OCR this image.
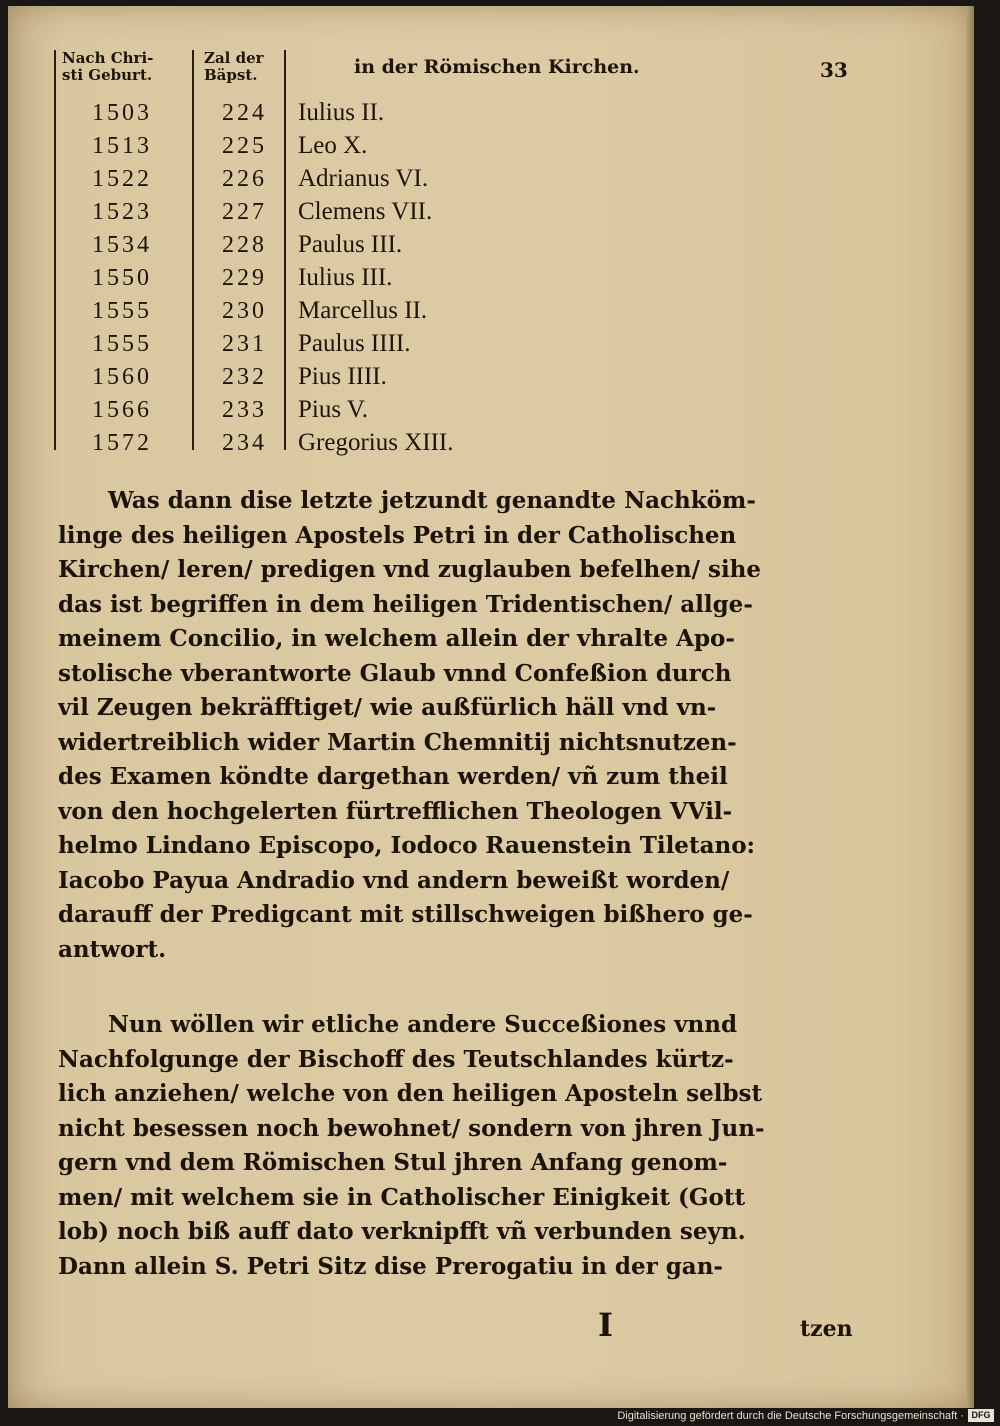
Nach Chri-
sti Geburt.
Zal der
Bäpst.	in der Römischen Kirchen.	33
1503	224 Iulius II.
1513	225 Leo X.
1522	226 Adrianus VI.
1523	227 Clemens VII.
1534	228 Paulus III.
1550	229 Iulius III.
1555	230 Marcellus II.
1555	231 Paulus IIII.
1560	232 Pius IIII.
1566	233 Pius V.
1572	234 Gregorius XIII.
Was dann dise letzte jetzundt genandte Nachköm-
linge des heiligen Apostels Petri in der Catholischen
Kirchen/ leren/ predigen vnd zuglauben befelhen/ sihe
das ist begriffen in dem heiligen Tridentischen/ allge-
meinem Concilio, in welchem allein der vhralte Apo-
stolische vberantworte Glaub vnnd Confeßion durch
vil Zeugen bekräfftiget/ wie außfürlich häll vnd vn-
widertreiblich wider Martin Chemnitij nichtsnutzen-
des Examen köndte dargethan werden/ vñ zum theil
von den hochgelerten fürtrefflichen Theologen VVil-
helmo Lindano Episcopo, Iodoco Rauenstein Tiletano:
Iacobo Payua Andradio vnd andern beweißt worden/
darauff der Predigcant mit stillschweigen bißhero ge-
antwort.
Nun wöllen wir etliche andere Succeßiones vnnd
Nachfolgunge der Bischoff des Teutschlandes kürtz-
lich anziehen/ welche von den heiligen Aposteln selbst
nicht besessen noch bewohnet/ sondern von jhren Jun-
gern vnd dem Römischen Stul jhren Anfang genom-
men/ mit welchem sie in Catholischer Einigkeit (Gott
lob) noch biß auff dato verknipfft vñ verbunden seyn.
Dann allein S. Petri Sitz dise Prerogatiu in der gan-
I	tzen
Digitalisierung gefördert durch die Deutsche Forschungsgemeinschaft · DFG
